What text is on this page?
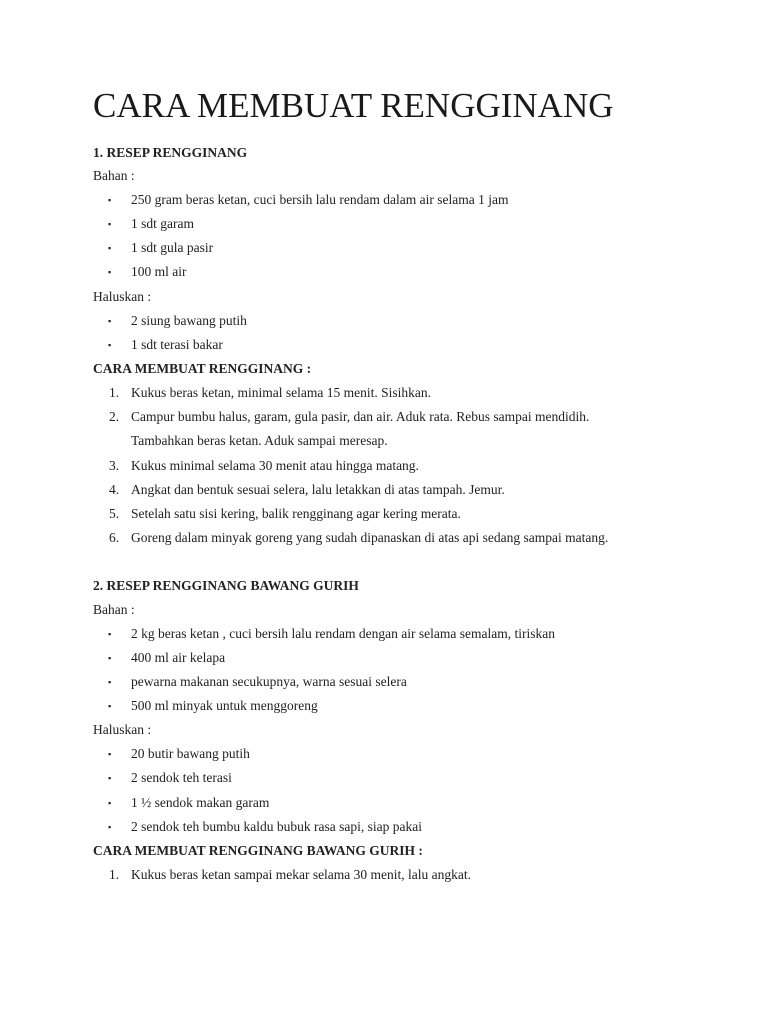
CARA MEMBUAT RENGGINANG
1. RESEP RENGGINANG
Bahan :
▪ 250 gram beras ketan, cuci bersih lalu rendam dalam air selama 1 jam
▪ 1 sdt garam
▪ 1 sdt gula pasir
▪ 100 ml air
Haluskan :
▪ 2 siung bawang putih
▪ 1 sdt terasi bakar
CARA MEMBUAT RENGGINANG :
1. Kukus beras ketan, minimal selama 15 menit. Sisihkan.
2. Campur bumbu halus, garam, gula pasir, dan air. Aduk rata. Rebus sampai mendidih.
Tambahkan beras ketan. Aduk sampai meresap.
3. Kukus minimal selama 30 menit atau hingga matang.
4. Angkat dan bentuk sesuai selera, lalu letakkan di atas tampah. Jemur.
5. Setelah satu sisi kering, balik rengginang agar kering merata.
6. Goreng dalam minyak goreng yang sudah dipanaskan di atas api sedang sampai matang.
2. RESEP RENGGINANG BAWANG GURIH
Bahan :
▪ 2 kg beras ketan , cuci bersih lalu rendam dengan air selama semalam, tiriskan
▪ 400 ml air kelapa
▪ pewarna makanan secukupnya, warna sesuai selera
▪ 500 ml minyak untuk menggoreng
Haluskan :
▪ 20 butir bawang putih
▪ 2 sendok teh terasi
▪ 1 ½ sendok makan garam
▪ 2 sendok teh bumbu kaldu bubuk rasa sapi, siap pakai
CARA MEMBUAT RENGGINANG BAWANG GURIH :
1. Kukus beras ketan sampai mekar selama 30 menit, lalu angkat.
